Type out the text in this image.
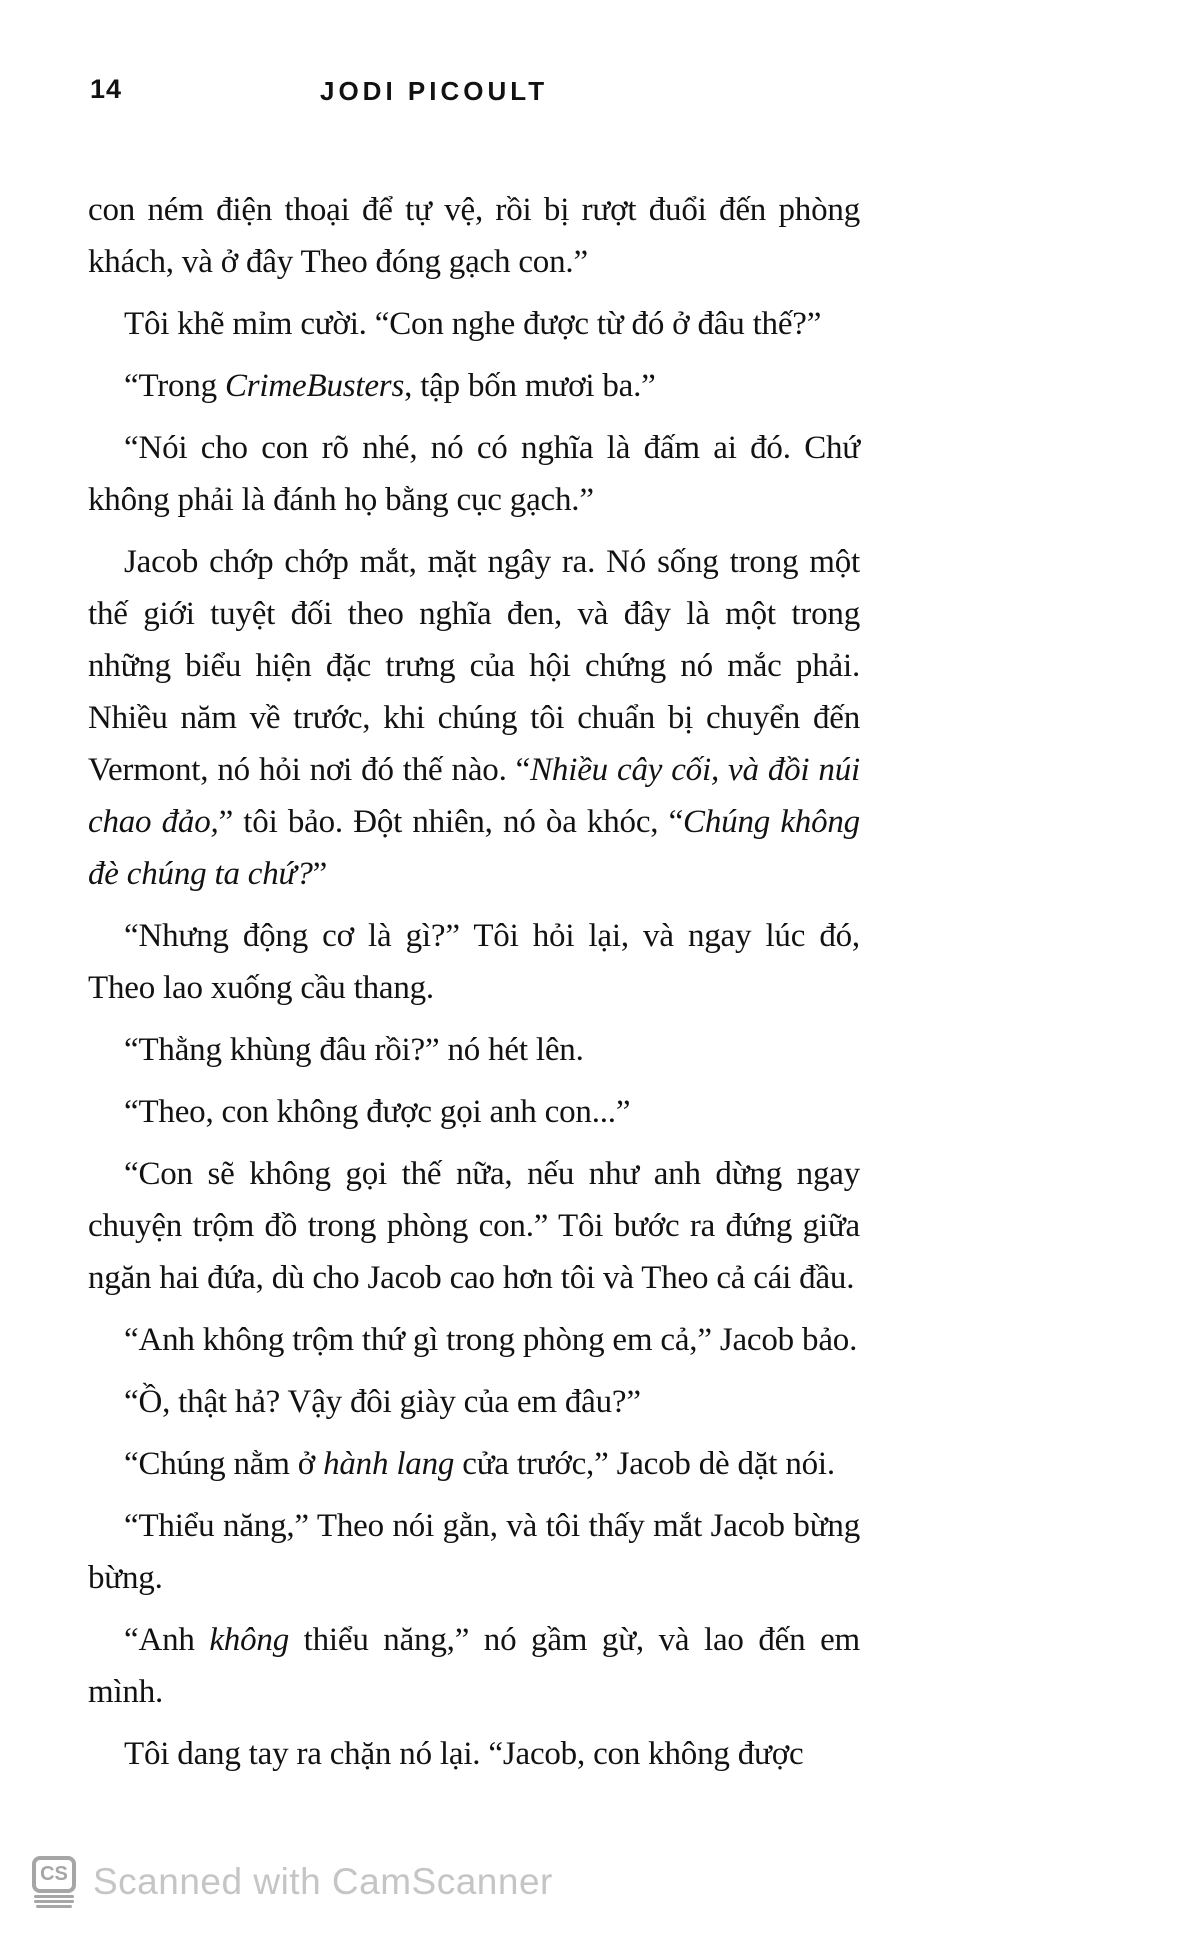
14	JODI PICOULT

con ném điện thoại để tự vệ, rồi bị rượt đuổi đến phòng khách, và ở đây Theo đóng gạch con.”

Tôi khẽ mỉm cười. “Con nghe được từ đó ở đâu thế?”

“Trong CrimeBusters, tập bốn mươi ba.”

“Nói cho con rõ nhé, nó có nghĩa là đấm ai đó. Chứ không phải là đánh họ bằng cục gạch.”

Jacob chớp chớp mắt, mặt ngây ra. Nó sống trong một thế giới tuyệt đối theo nghĩa đen, và đây là một trong những biểu hiện đặc trưng của hội chứng nó mắc phải. Nhiều năm về trước, khi chúng tôi chuẩn bị chuyển đến Vermont, nó hỏi nơi đó thế nào. “Nhiều cây cối, và đồi núi chao đảo,” tôi bảo. Đột nhiên, nó òa khóc, “Chúng không đè chúng ta chứ?”

“Nhưng động cơ là gì?” Tôi hỏi lại, và ngay lúc đó, Theo lao xuống cầu thang.

“Thằng khùng đâu rồi?” nó hét lên.

“Theo, con không được gọi anh con...”

“Con sẽ không gọi thế nữa, nếu như anh dừng ngay chuyện trộm đồ trong phòng con.” Tôi bước ra đứng giữa ngăn hai đứa, dù cho Jacob cao hơn tôi và Theo cả cái đầu.

“Anh không trộm thứ gì trong phòng em cả,” Jacob bảo.

“Ồ, thật hả? Vậy đôi giày của em đâu?”

“Chúng nằm ở hành lang cửa trước,” Jacob dè dặt nói.

“Thiểu năng,” Theo nói gằn, và tôi thấy mắt Jacob bừng bừng.

“Anh không thiểu năng,” nó gầm gừ, và lao đến em mình.

Tôi dang tay ra chặn nó lại. “Jacob, con không được

CS Scanned with CamScanner
